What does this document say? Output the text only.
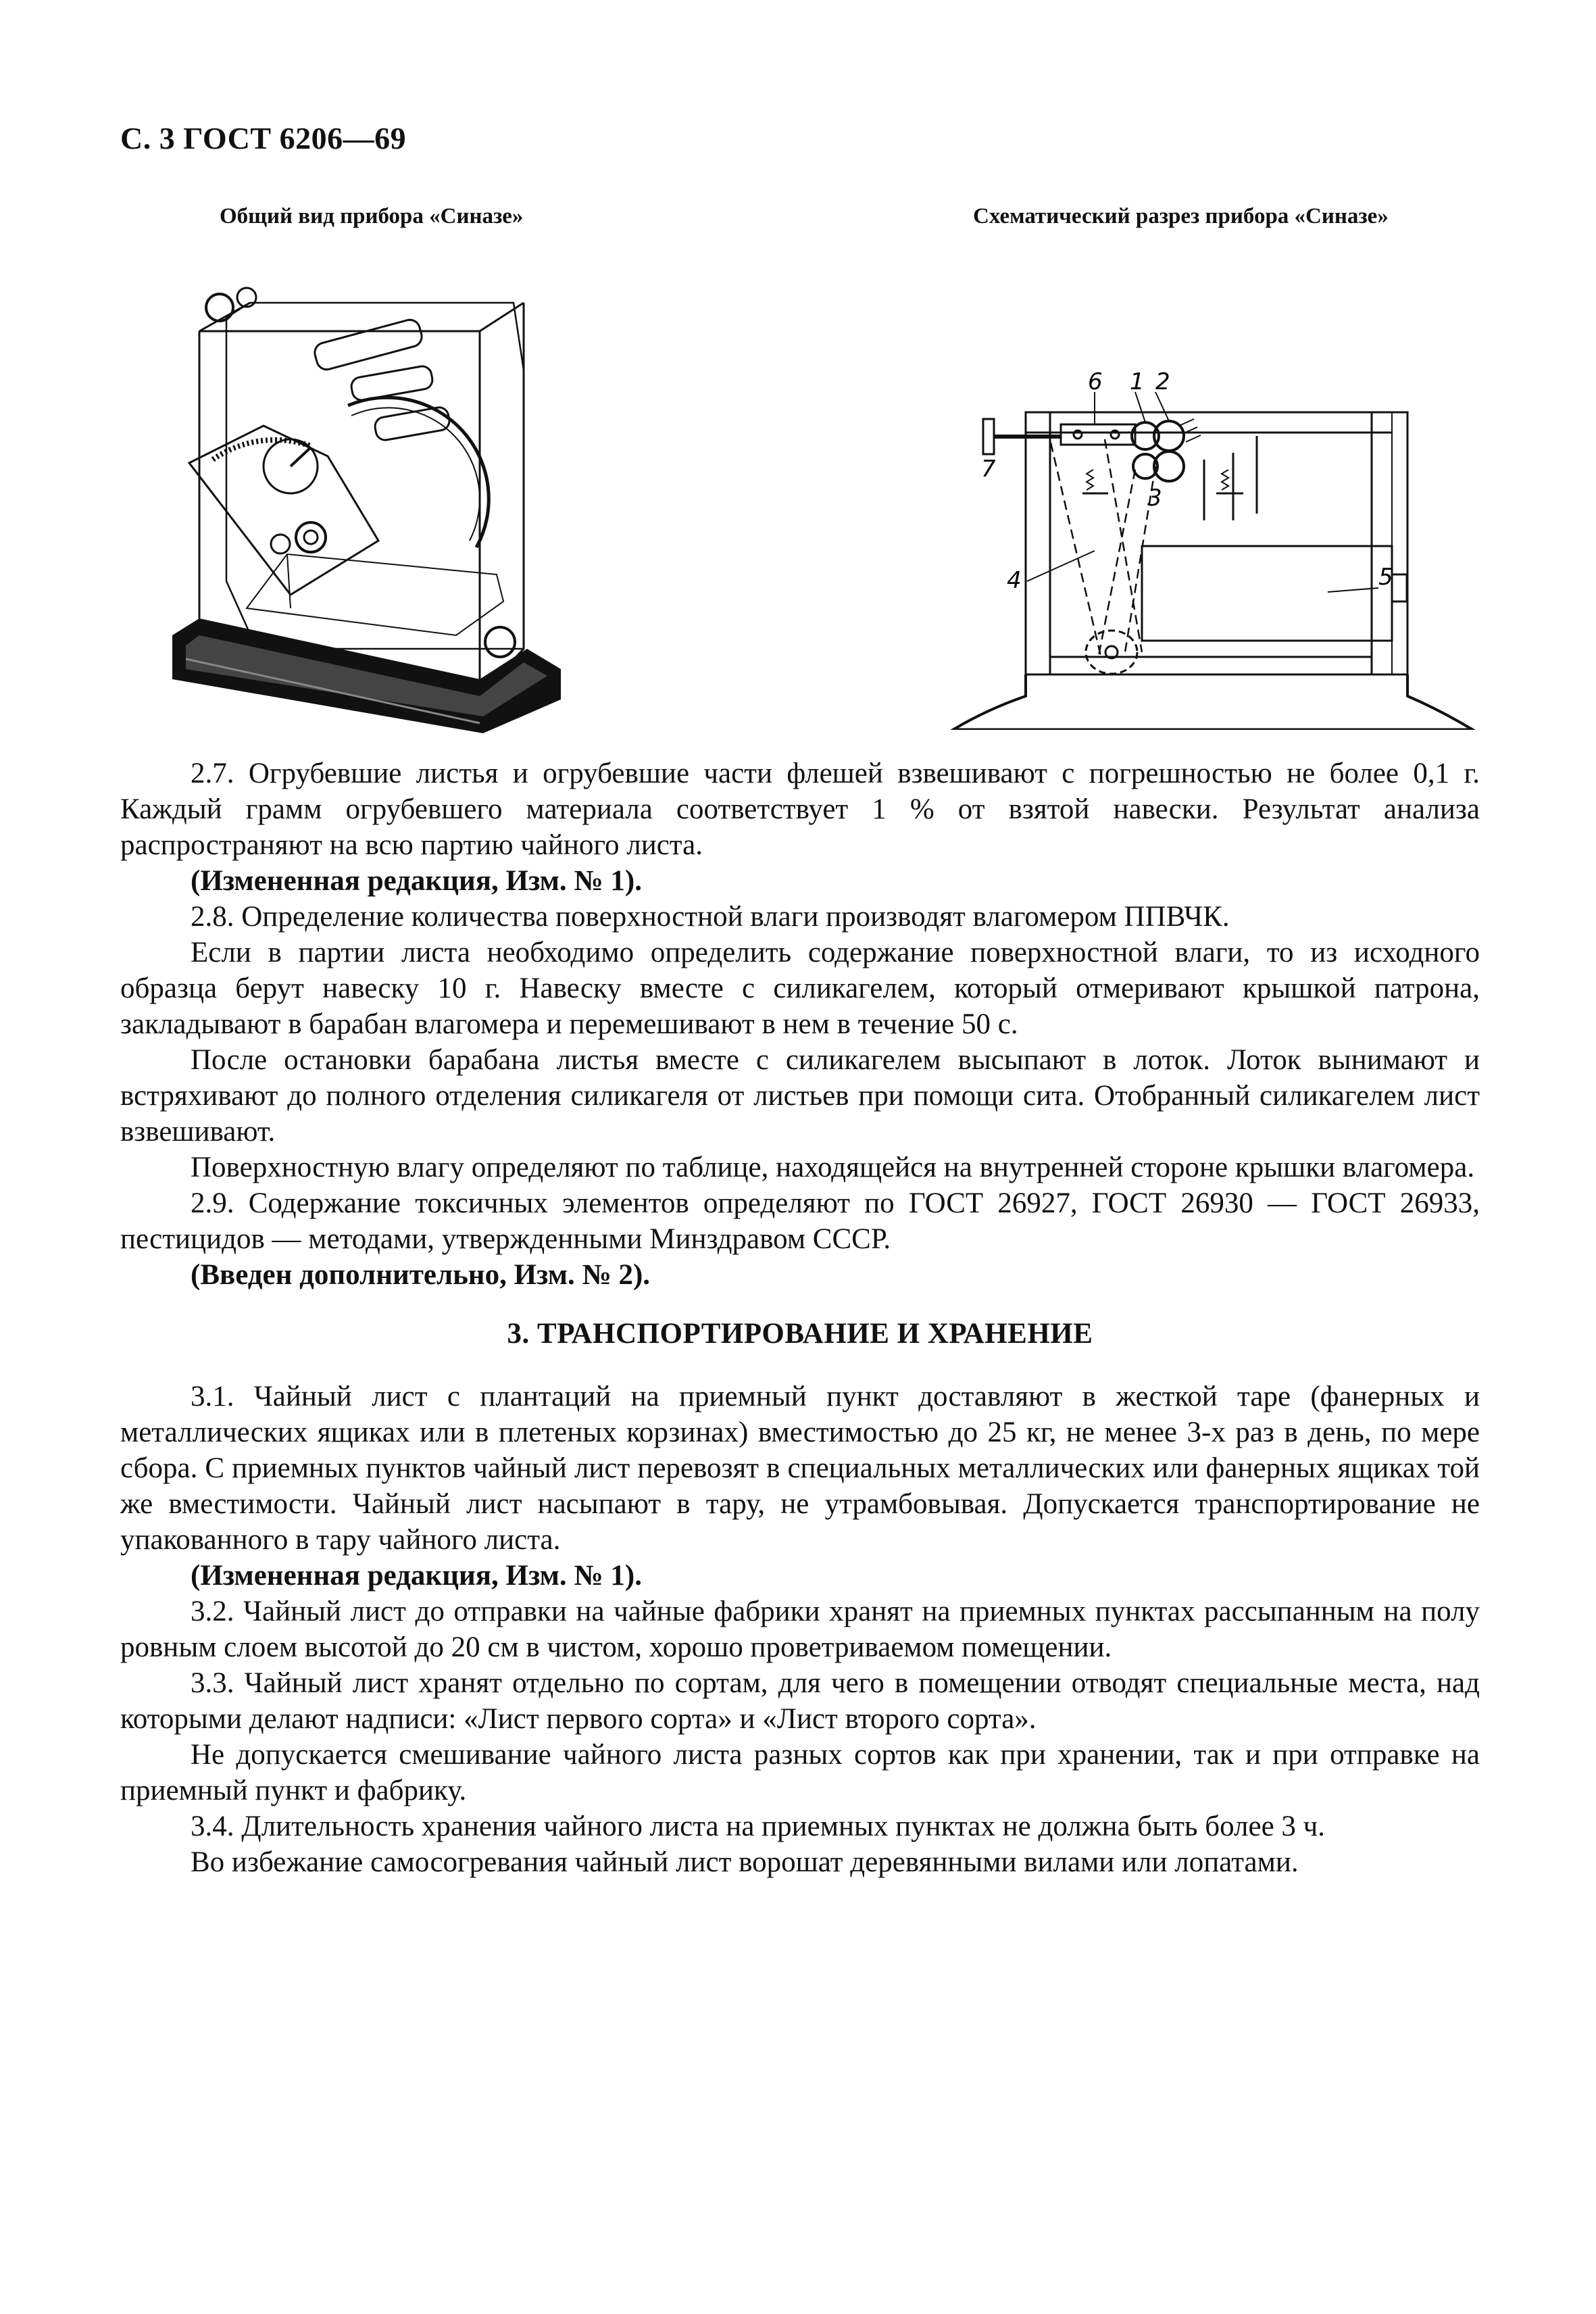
С. 3 ГОСТ 6206—69
Общий вид прибора «Синазе»	Схематический разрез прибора «Синазе»
6 1 2
7
3
4	5

2.7. Огрубевшие листья и огрубевшие части флешей взвешивают с погрешностью не более 0,1 г. Каждый грамм огрубевшего материала соответствует 1 % от взятой навески. Результат анализа распространяют на всю партию чайного листа.

(Измененная редакция, Изм. № 1).

2.8. Определение количества поверхностной влаги производят влагомером ППВЧК.

Если в партии листа необходимо определить содержание поверхностной влаги, то из исходного образца берут навеску 10 г. Навеску вместе с силикагелем, который отмеривают крышкой патрона, закладывают в барабан влагомера и перемешивают в нем в течение 50 с.

После остановки барабана листья вместе с силикагелем высыпают в лоток. Лоток вынимают и встряхивают до полного отделения силикагеля от листьев при помощи сита. Отобранный силикагелем лист взвешивают.

Поверхностную влагу определяют по таблице, находящейся на внутренней стороне крышки влагомера.

2.9. Содержание токсичных элементов определяют по ГОСТ 26927, ГОСТ 26930 — ГОСТ 26933, пестицидов — методами, утвержденными Минздравом СССР.

(Введен дополнительно, Изм. № 2).

3. ТРАНСПОРТИРОВАНИЕ И ХРАНЕНИЕ

3.1. Чайный лист с плантаций на приемный пункт доставляют в жесткой таре (фанерных и металлических ящиках или в плетеных корзинах) вместимостью до 25 кг, не менее 3-х раз в день, по мере сбора. С приемных пунктов чайный лист перевозят в специальных металлических или фанерных ящиках той же вместимости. Чайный лист насыпают в тару, не утрамбовывая. Допускается транспортирование не упакованного в тару чайного листа.

(Измененная редакция, Изм. № 1).

3.2. Чайный лист до отправки на чайные фабрики хранят на приемных пунктах рассыпанным на полу ровным слоем высотой до 20 см в чистом, хорошо проветриваемом помещении.

3.3. Чайный лист хранят отдельно по сортам, для чего в помещении отводят специальные места, над которыми делают надписи: «Лист первого сорта» и «Лист второго сорта».

Не допускается смешивание чайного листа разных сортов как при хранении, так и при отправке на приемный пункт и фабрику.

3.4. Длительность хранения чайного листа на приемных пунктах не должна быть более 3 ч.

Во избежание самосогревания чайный лист ворошат деревянными вилами или лопатами.
